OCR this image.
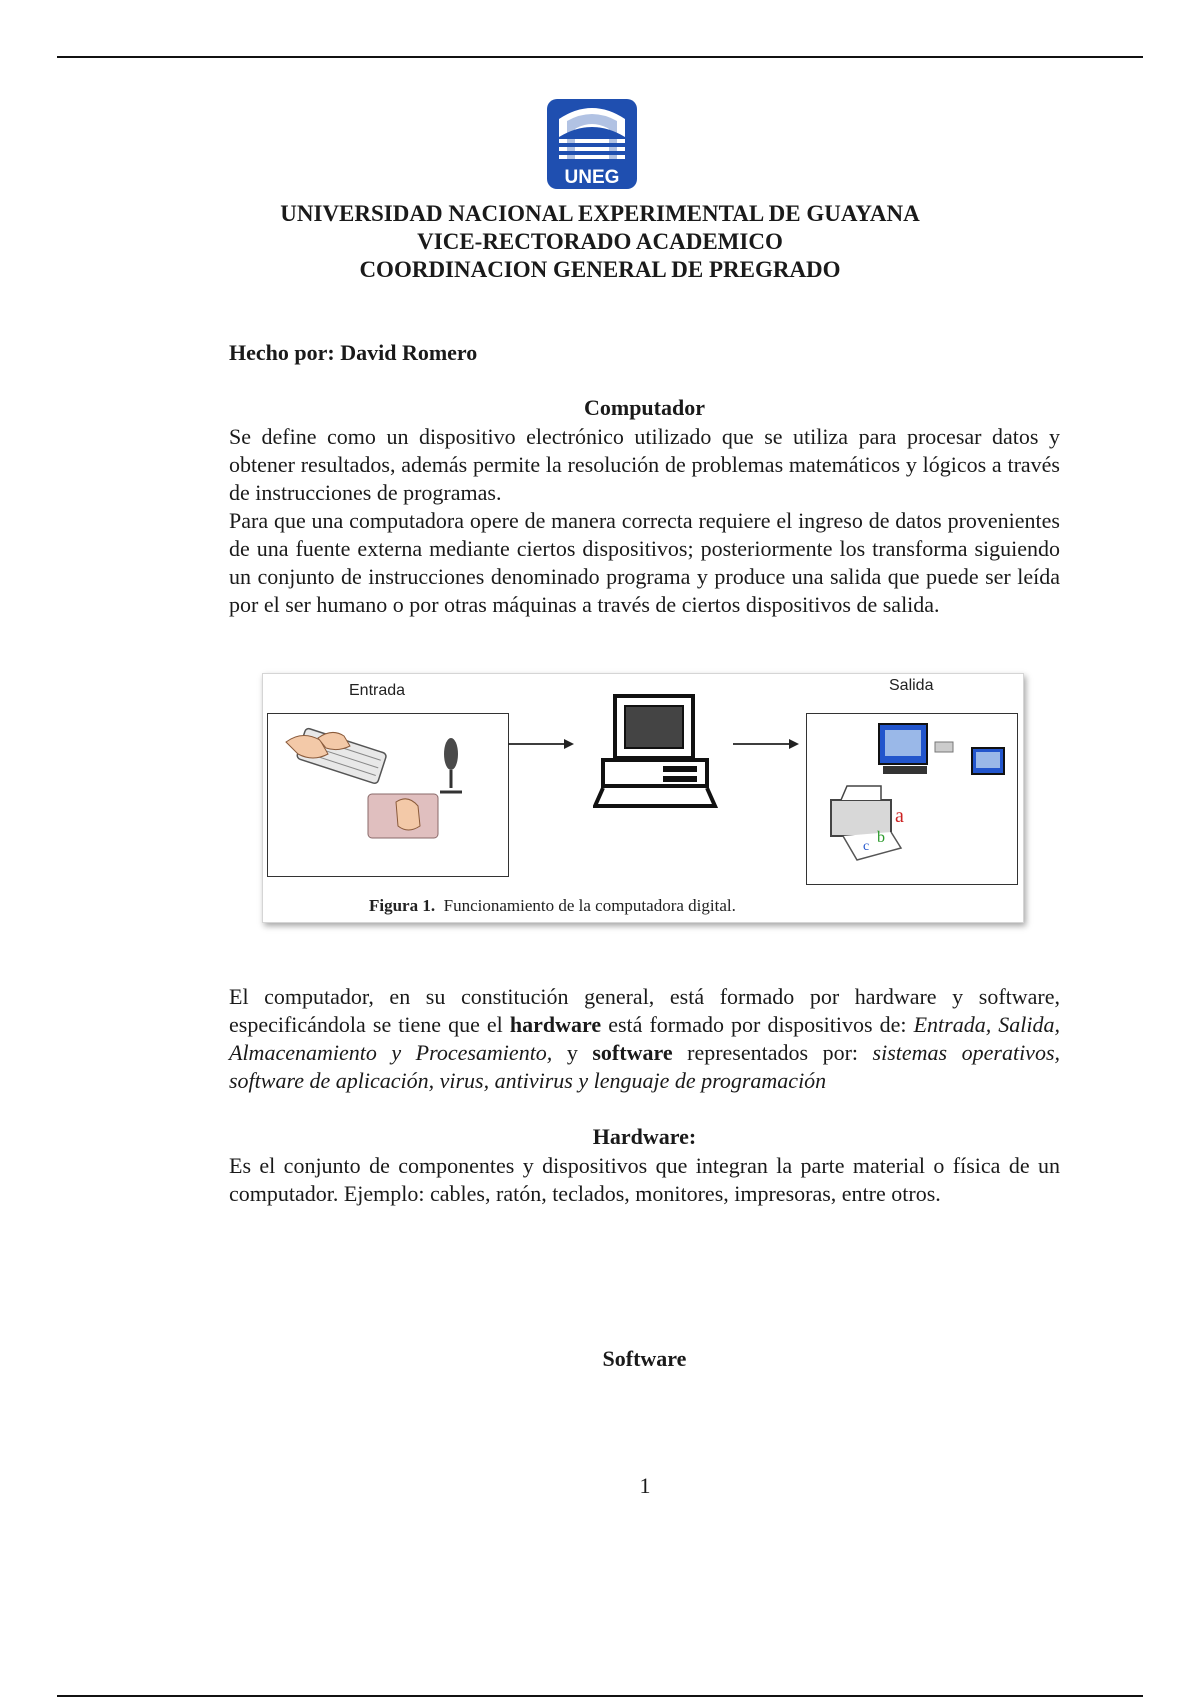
UNEG
UNIVERSIDAD NACIONAL EXPERIMENTAL DE GUAYANA
VICE-RECTORADO ACADEMICO
COORDINACION GENERAL DE PREGRADO
Hecho por: David Romero
Computador

Se define como un dispositivo electrónico utilizado que se utiliza para procesar datos y obtener resultados, además permite la resolución de problemas matemáticos y lógicos a través de instrucciones de programas.

Para que una computadora opere de manera correcta requiere el ingreso de datos provenientes de una fuente externa mediante ciertos dispositivos; posteriormente los transforma siguiendo un conjunto de instrucciones denominado programa y produce una salida que puede ser leída por el ser humano o por otras máquinas a través de ciertos dispositivos de salida.

Entrada	Salida
a
b
c
Figura 1. Funcionamiento de la computadora digital.
El computador, en su constitución general, está formado por hardware y software, especificándola se tiene que el hardware está formado por dispositivos de: Entrada, Salida, Almacenamiento y Procesamiento, y software representados por: sistemas operativos, software de aplicación, virus, antivirus y lenguaje de programación
Hardware:
Es el conjunto de componentes y dispositivos que integran la parte material o física de un computador. Ejemplo: cables, ratón, teclados, monitores, impresoras, entre otros.
Software
1
